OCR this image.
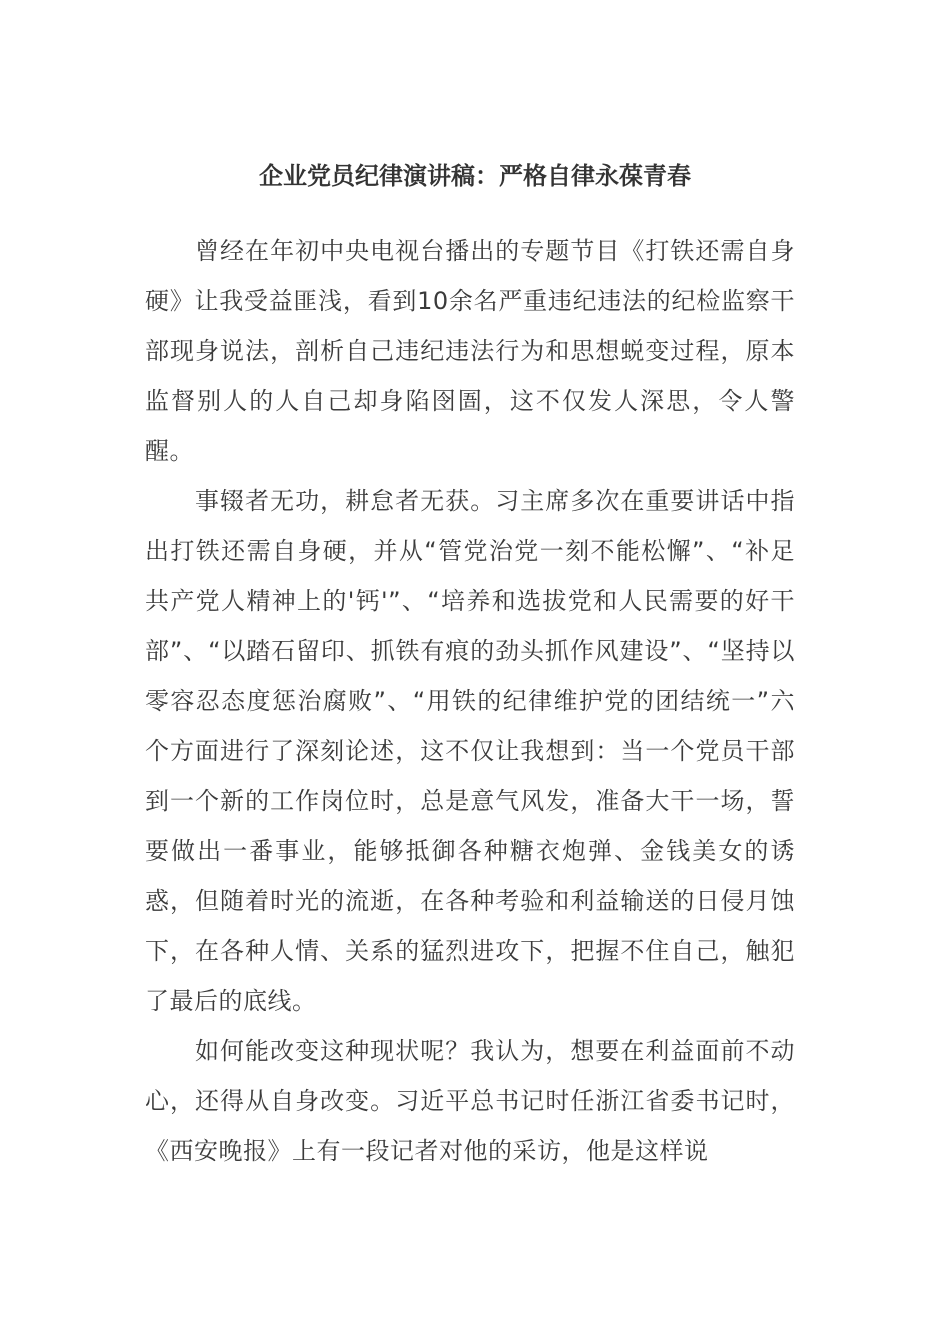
企业党员纪律演讲稿：严格自律永葆青春

曾经在年初中央电视台播出的专题节目《打铁还需自身硬》让我受益匪浅，看到10余名严重违纪违法的纪检监察干部现身说法，剖析自己违纪违法行为和思想蜕变过程，原本监督别人的人自己却身陷囹圄，这不仅发人深思，令人警醒。

事辍者无功，耕怠者无获。习主席多次在重要讲话中指出打铁还需自身硬，并从“管党治党一刻不能松懈”、“补足共产党人精神上的'钙'”、“培养和选拔党和人民需要的好干部”、“以踏石留印、抓铁有痕的劲头抓作风建设”、“坚持以零容忍态度惩治腐败”、“用铁的纪律维护党的团结统一”六个方面进行了深刻论述，这不仅让我想到：当一个党员干部到一个新的工作岗位时，总是意气风发，准备大干一场，誓要做出一番事业，能够抵御各种糖衣炮弹、金钱美女的诱惑，但随着时光的流逝，在各种考验和利益输送的日侵月蚀下，在各种人情、关系的猛烈进攻下，把握不住自己，触犯了最后的底线。

如何能改变这种现状呢？我认为，想要在利益面前不动心，还得从自身改变。习近平总书记时任浙江省委书记时，《西安晚报》上有一段记者对他的采访，他是这样说
